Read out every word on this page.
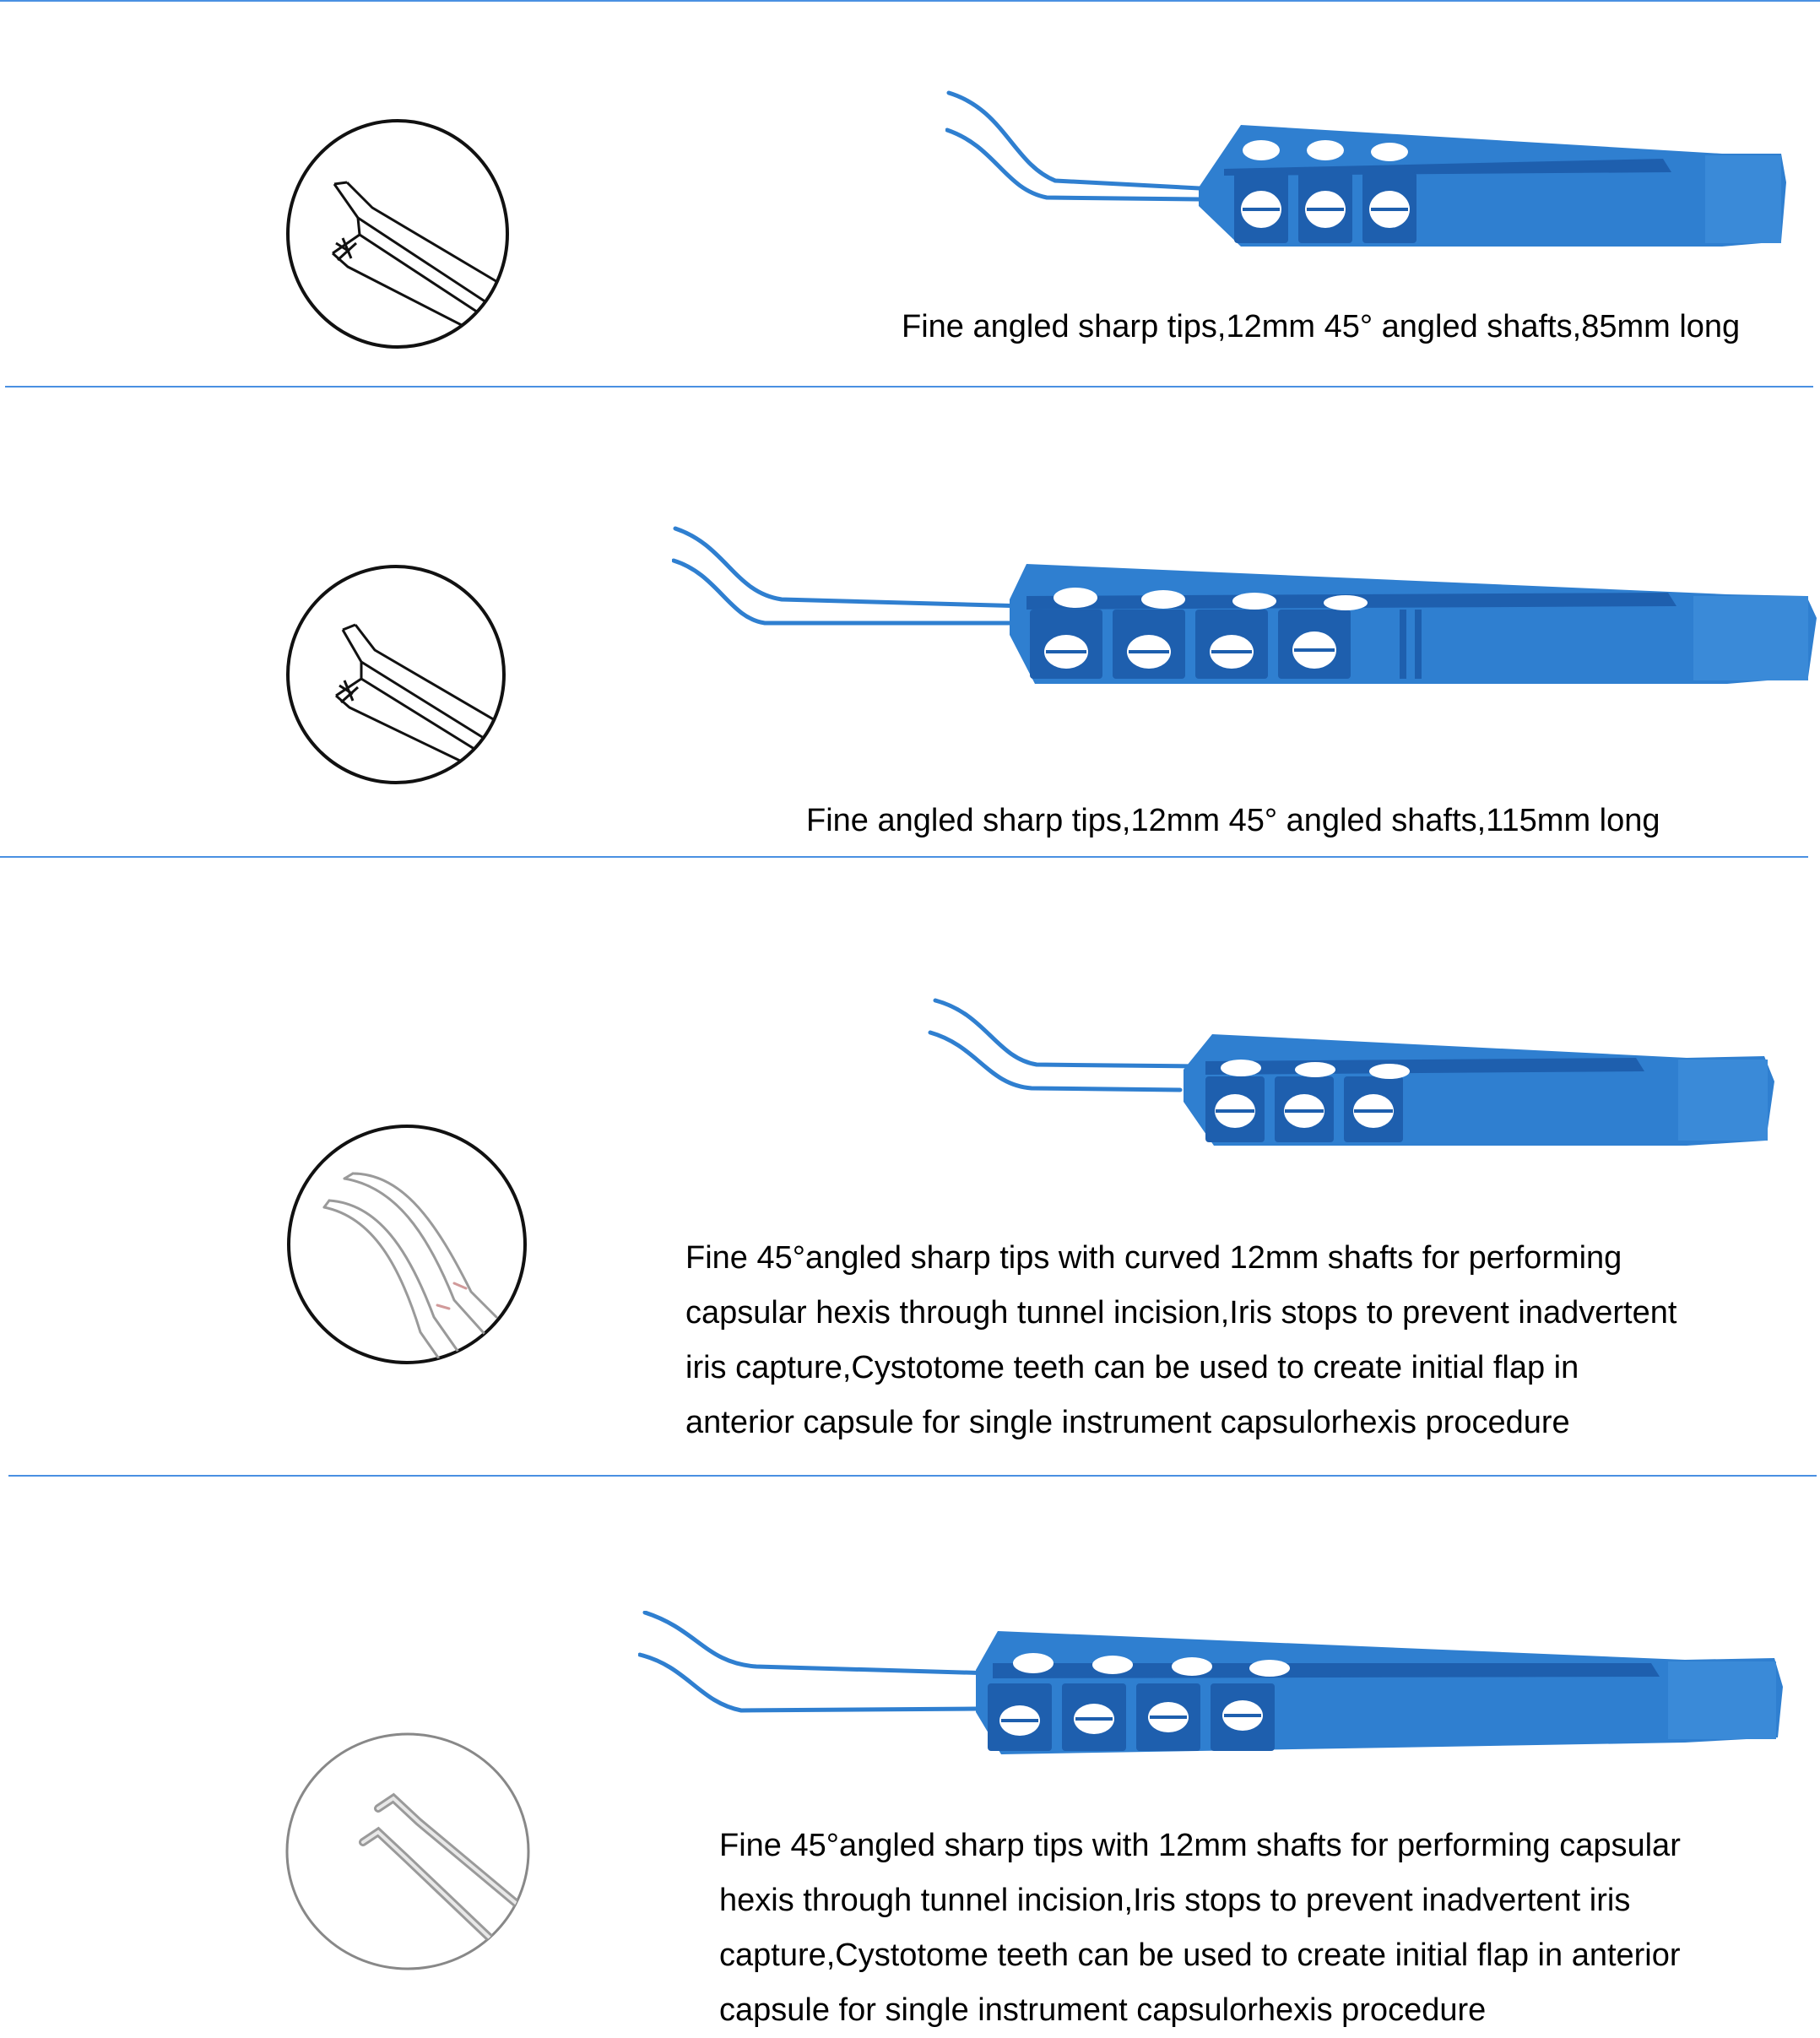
Fine angled sharp tips,12mm 45° angled shafts,85mm long

Fine angled sharp tips,12mm 45° angled shafts,115mm long

Fine 45°angled sharp tips with curved 12mm shafts for performing
capsular hexis through tunnel incision,Iris stops to prevent inadvertent
iris capture,Cystotome teeth can be used to create initial flap in
anterior capsule for single instrument capsulorhexis procedure

Fine 45°angled sharp tips with 12mm shafts for performing capsular
hexis through tunnel incision,Iris stops to prevent inadvertent iris
capture,Cystotome teeth can be used to create initial flap in anterior
capsule for single instrument capsulorhexis procedure
